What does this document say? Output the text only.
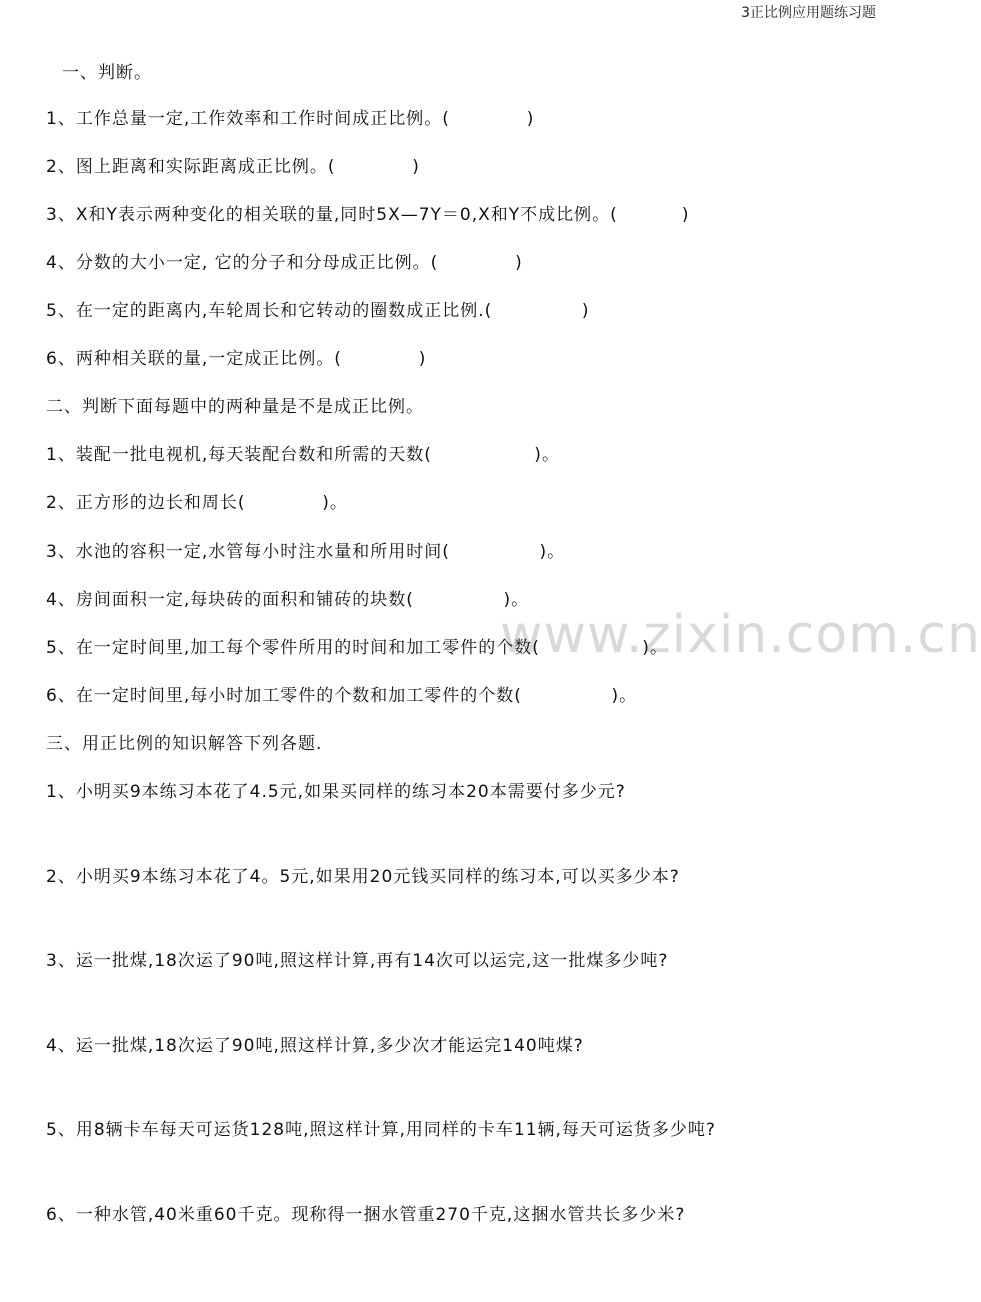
3正比例应用题练习题
www.zixin.com.cn
一、判断。
1、工作总量一定,工作效率和工作时间成正比例。(            )
2、图上距离和实际距离成正比例。(            )
3、X和Y表示两种变化的相关联的量,同时5X—7Y＝0,X和Y不成比例。(          )
4、分数的大小一定, 它的分子和分母成正比例。(            )
5、在一定的距离内,车轮周长和它转动的圈数成正比例.(              )
6、两种相关联的量,一定成正比例。(            )
二、判断下面每题中的两种量是不是成正比例。
1、装配一批电视机,每天装配台数和所需的天数(                )。
2、正方形的边长和周长(            )。
3、水池的容积一定,水管每小时注水量和所用时间(              )。
4、房间面积一定,每块砖的面积和铺砖的块数(              )。
5、在一定时间里,加工每个零件所用的时间和加工零件的个数(                )。
6、在一定时间里,每小时加工零件的个数和加工零件的个数(              )。
三、用正比例的知识解答下列各题.
1、小明买9本练习本花了4.5元,如果买同样的练习本20本需要付多少元?
2、小明买9本练习本花了4。5元,如果用20元钱买同样的练习本,可以买多少本?
3、运一批煤,18次运了90吨,照这样计算,再有14次可以运完,这一批煤多少吨?
4、运一批煤,18次运了90吨,照这样计算,多少次才能运完140吨煤?
5、用8辆卡车每天可运货128吨,照这样计算,用同样的卡车11辆,每天可运货多少吨?
6、一种水管,40米重60千克。现称得一捆水管重270千克,这捆水管共长多少米?
